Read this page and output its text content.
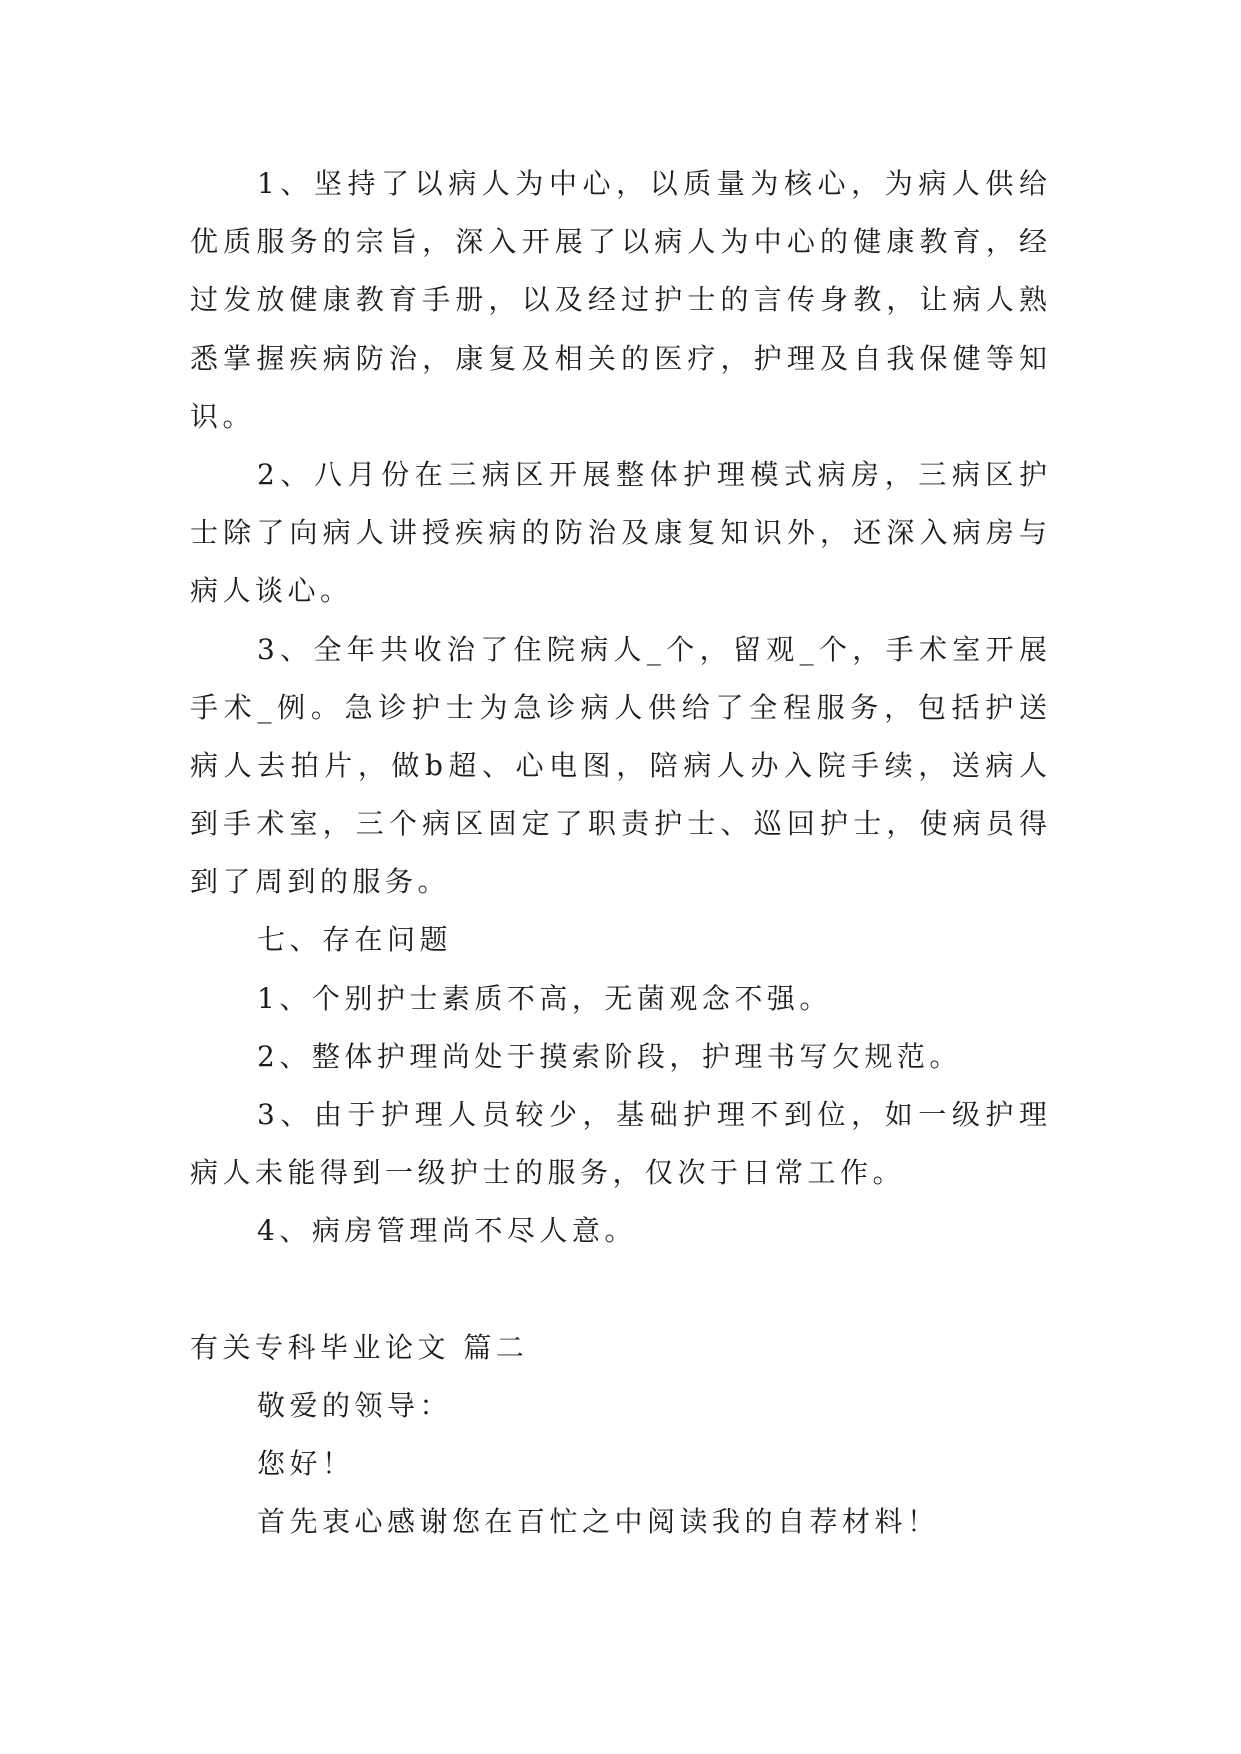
1、坚持了以病人为中心，以质量为核心，为病人供给
优质服务的宗旨，深入开展了以病人为中心的健康教育，经
过发放健康教育手册，以及经过护士的言传身教，让病人熟
悉掌握疾病防治，康复及相关的医疗，护理及自我保健等知
识。
2、八月份在三病区开展整体护理模式病房，三病区护
士除了向病人讲授疾病的防治及康复知识外，还深入病房与
病人谈心。
3、全年共收治了住院病人_个，留观_个，手术室开展
手术_例。急诊护士为急诊病人供给了全程服务，包括护送
病人去拍片，做b超、心电图，陪病人办入院手续，送病人
到手术室，三个病区固定了职责护士、巡回护士，使病员得
到了周到的服务。
七、存在问题
1、个别护士素质不高，无菌观念不强。
2、整体护理尚处于摸索阶段，护理书写欠规范。
3、由于护理人员较少，基础护理不到位，如一级护理
病人未能得到一级护士的服务，仅次于日常工作。
4、病房管理尚不尽人意。
有关专科毕业论文 篇二
敬爱的领导：
您好！
首先衷心感谢您在百忙之中阅读我的自荐材料！
